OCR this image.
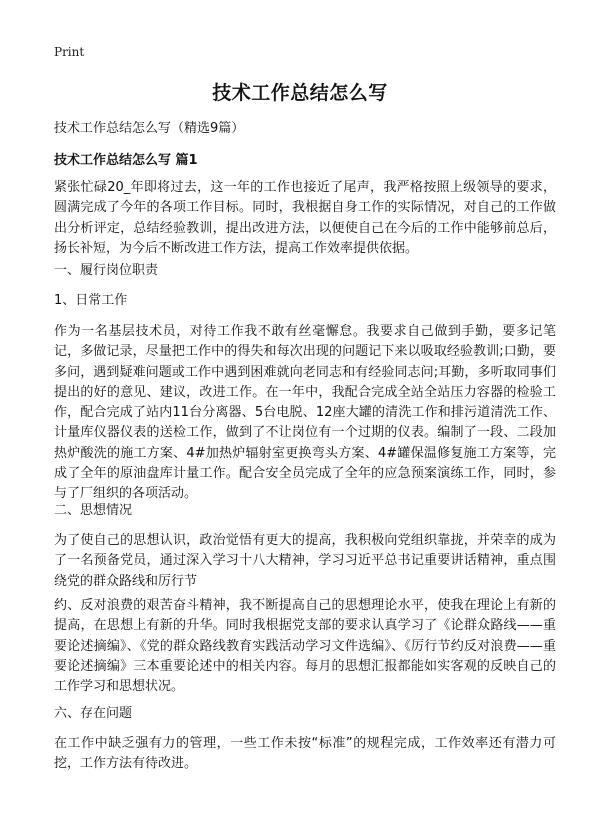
Print
技术工作总结怎么写
技术工作总结怎么写（精选9篇）
技术工作总结怎么写 篇1

紧张忙碌20_年即将过去，这一年的工作也接近了尾声，我严格按照上级领导的要求，圆满完成了今年的各项工作目标。同时，我根据自身工作的实际情况，对自己的工作做出分析评定，总结经验教训，提出改进方法，以便使自己在今后的工作中能够前总后，扬长补短，为今后不断改进工作方法，提高工作效率提供依据。

一、履行岗位职责
1、日常工作

作为一名基层技术员，对待工作我不敢有丝毫懈怠。我要求自己做到手勤，要多记笔记，多做记录，尽量把工作中的得失和每次出现的问题记下来以吸取经验教训;口勤，要多问，遇到疑难问题或工作中遇到困难就向老同志和有经验同志问;耳勤，多听取同事们提出的好的意见、建议，改进工作。在一年中，我配合完成全站全站压力容器的检验工作，配合完成了站内11台分离器、5台电脱、12座大罐的清洗工作和排污道清洗工作、计量库仪器仪表的送检工作，做到了不让岗位有一个过期的仪表。编制了一段、二段加热炉酸洗的施工方案、4#加热炉辐射室更换弯头方案、4#罐保温修复施工方案等，完成了全年的原油盘库计量工作。配合安全员完成了全年的应急预案演练工作，同时，参与了厂组织的各项活动。

二、思想情况

为了使自己的思想认识，政治觉悟有更大的提高，我积极向党组织靠拢，并荣幸的成为了一名预备党员，通过深入学习十八大精神，学习习近平总书记重要讲话精神，重点围绕党的群众路线和厉行节

约、反对浪费的艰苦奋斗精神，我不断提高自己的思想理论水平，使我在理论上有新的提高，在思想上有新的升华。同时我根据党支部的要求认真学习了《论群众路线——重要论述摘编》、《党的群众路线教育实践活动学习文件选编》、《厉行节约反对浪费——重要论述摘编》三本重要论述中的相关内容。每月的思想汇报都能如实客观的反映自己的工作学习和思想状况。

六、存在问题

在工作中缺乏强有力的管理，一些工作未按“标准”的规程完成，工作效率还有潜力可挖，工作方法有待改进。
